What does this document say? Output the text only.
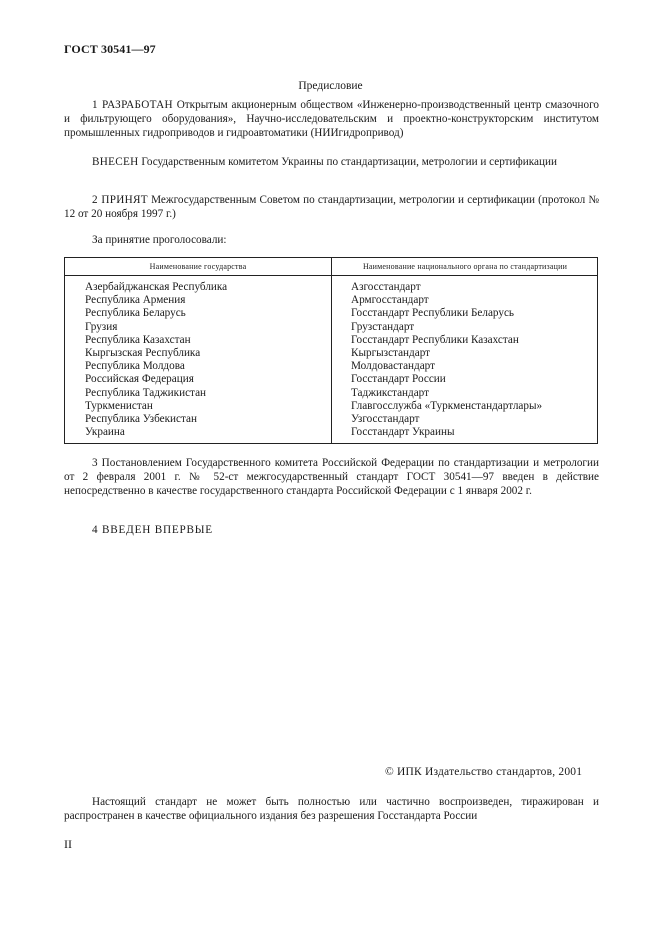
ГОСТ 30541—97
Предисловие
1 РАЗРАБОТАН Открытым акционерным обществом «Инженерно-производственный центр смазочного и фильтрующего оборудования», Научно-исследовательским и проектно-конструкторским институтом промышленных гидроприводов и гидроавтоматики (НИИгидропривод)
ВНЕСЕН Государственным комитетом Украины по стандартизации, метрологии и сертификации
2 ПРИНЯТ Межгосударственным Советом по стандартизации, метрологии и сертификации (протокол № 12 от 20 ноября 1997 г.)
За принятие проголосовали:
Наименование государства	Наименование национального органа по стандартизации
Азербайджанская Республика
Республика Армения
Республика Беларусь
Грузия
Республика Казахстан
Кыргызская Республика
Республика Молдова
Российская Федерация
Республика Таджикистан
Туркменистан
Республика Узбекистан
Украина
Азгосстандарт
Армгосстандарт
Госстандарт Республики Беларусь
Грузстандарт
Госстандарт Республики Казахстан
Кыргызстандарт
Молдовастандарт
Госстандарт России
Таджикстандарт
Главгосслужба «Туркменстандартлары»
Узгосстандарт
Госстандарт Украины
3 Постановлением Государственного комитета Российской Федерации по стандартизации и метрологии от 2 февраля 2001 г. № 52-ст межгосударственный стандарт ГОСТ 30541—97 введен в действие непосредственно в качестве государственного стандарта Российской Федерации с 1 января 2002 г.
4 ВВЕДЕН ВПЕРВЫЕ
© ИПК Издательство стандартов, 2001
Настоящий стандарт не может быть полностью или частично воспроизведен, тиражирован и распространен в качестве официального издания без разрешения Госстандарта России
II
